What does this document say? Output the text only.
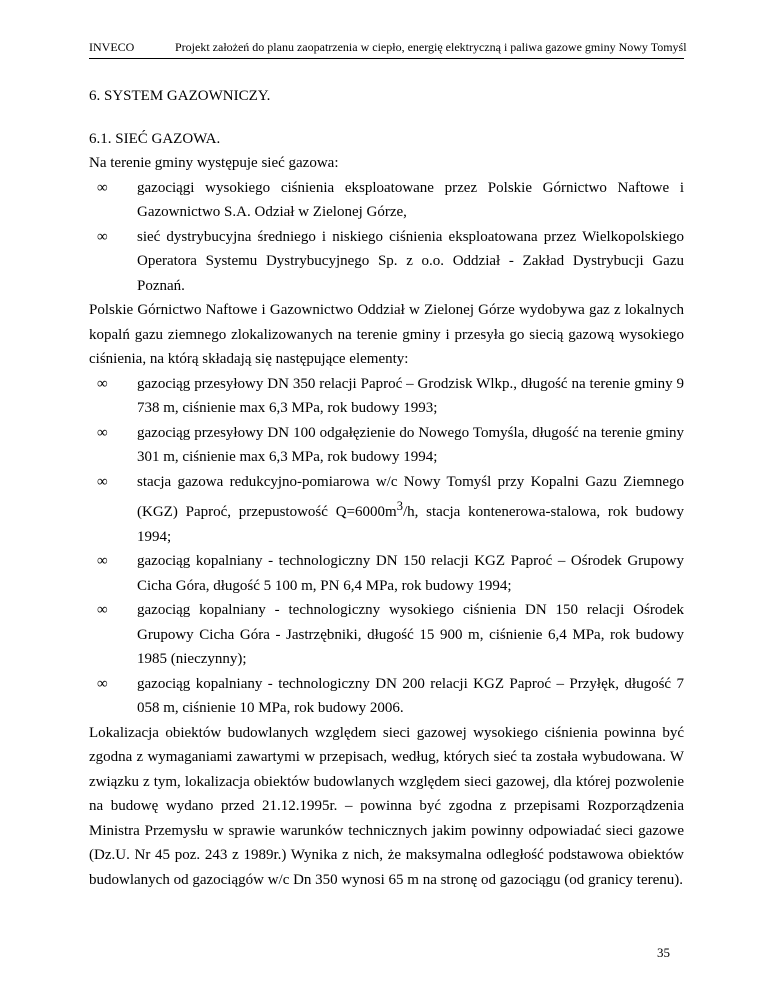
INVECO	Projekt założeń do planu zaopatrzenia w ciepło, energię elektryczną i paliwa gazowe gminy Nowy Tomyśl

6. SYSTEM GAZOWNICZY.

6.1. SIEĆ GAZOWA.

Na terenie gminy występuje sieć gazowa:

∞ gazociągi wysokiego ciśnienia eksploatowane przez Polskie Górnictwo Naftowe i Gazownictwo S.A. Odział w Zielonej Górze,
∞ sieć dystrybucyjna średniego i niskiego ciśnienia eksploatowana przez Wielkopolskiego Operatora Systemu Dystrybucyjnego Sp. z o.o. Oddział - Zakład Dystrybucji Gazu Poznań.

Polskie Górnictwo Naftowe i Gazownictwo Oddział w Zielonej Górze wydobywa gaz z lokalnych kopalń gazu ziemnego zlokalizowanych na terenie gminy i przesyła go siecią gazową wysokiego ciśnienia, na którą składają się następujące elementy:

∞ gazociąg przesyłowy DN 350 relacji Paproć – Grodzisk Wlkp., długość na terenie gminy 9 738 m, ciśnienie max 6,3 MPa, rok budowy 1993;
∞ gazociąg przesyłowy DN 100 odgałęzienie do Nowego Tomyśla, długość na terenie gminy 301 m, ciśnienie max 6,3 MPa, rok budowy 1994;
∞ stacja gazowa redukcyjno-pomiarowa w/c Nowy Tomyśl przy Kopalni Gazu Ziemnego (KGZ) Paproć, przepustowość $Q=6000m^3/h$, stacja kontenerowa-stalowa, rok budowy 1994;
∞ gazociąg kopalniany - technologiczny DN 150 relacji KGZ Paproć – Ośrodek Grupowy Cicha Góra, długość 5 100 m, PN 6,4 MPa, rok budowy 1994;
∞ gazociąg kopalniany - technologiczny wysokiego ciśnienia DN 150 relacji Ośrodek Grupowy Cicha Góra - Jastrzębniki, długość 15 900 m, ciśnienie 6,4 MPa, rok budowy 1985 (nieczynny);
∞ gazociąg kopalniany - technologiczny DN 200 relacji KGZ Paproć – Przyłęk, długość 7 058 m, ciśnienie 10 MPa, rok budowy 2006.

Lokalizacja obiektów budowlanych względem sieci gazowej wysokiego ciśnienia powinna być zgodna z wymaganiami zawartymi w przepisach, według, których sieć ta została wybudowana. W związku z tym, lokalizacja obiektów budowlanych względem sieci gazowej, dla której pozwolenie na budowę wydano przed 21.12.1995r. – powinna być zgodna z przepisami Rozporządzenia Ministra Przemysłu w sprawie warunków technicznych jakim powinny odpowiadać sieci gazowe (Dz.U. Nr 45 poz. 243 z 1989r.) Wynika z nich, że maksymalna odległość podstawowa obiektów budowlanych od gazociągów w/c Dn 350 wynosi 65 m na stronę od gazociągu (od granicy terenu).

35
